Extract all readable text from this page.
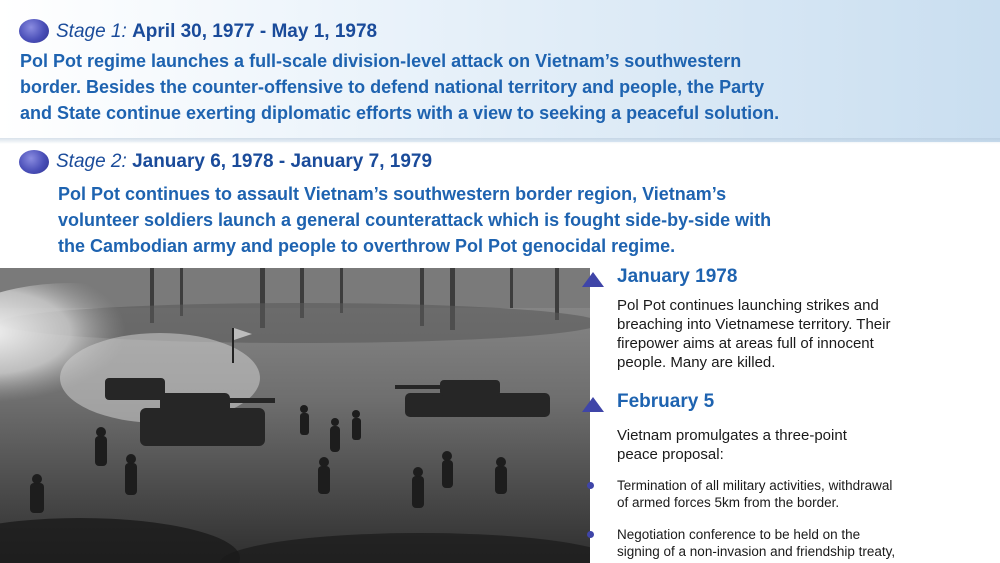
Stage 1: April 30, 1977 - May 1, 1978
Pol Pot regime launches a full-scale division-level attack on Vietnam’s southwestern
border. Besides the counter-offensive to defend national territory and people, the Party
and State continue exerting diplomatic efforts with a view to seeking a peaceful solution.
Stage 2: January 6, 1978 - January 7, 1979
Pol Pot continues to assault Vietnam’s southwestern border region, Vietnam’s
volunteer soldiers launch a general counterattack which is fought side-by-side with
the Cambodian army and people to overthrow Pol Pot genocidal regime.
January 1978
Pol Pot continues launching strikes and
breaching into Vietnamese territory. Their
firepower aims at areas full of innocent
people. Many are killed.
February 5
Vietnam promulgates a three-point
peace proposal:
Termination of all military activities, withdrawal
of armed forces 5km from the border.
Negotiation conference to be held on the
signing of a non-invasion and friendship treaty,
